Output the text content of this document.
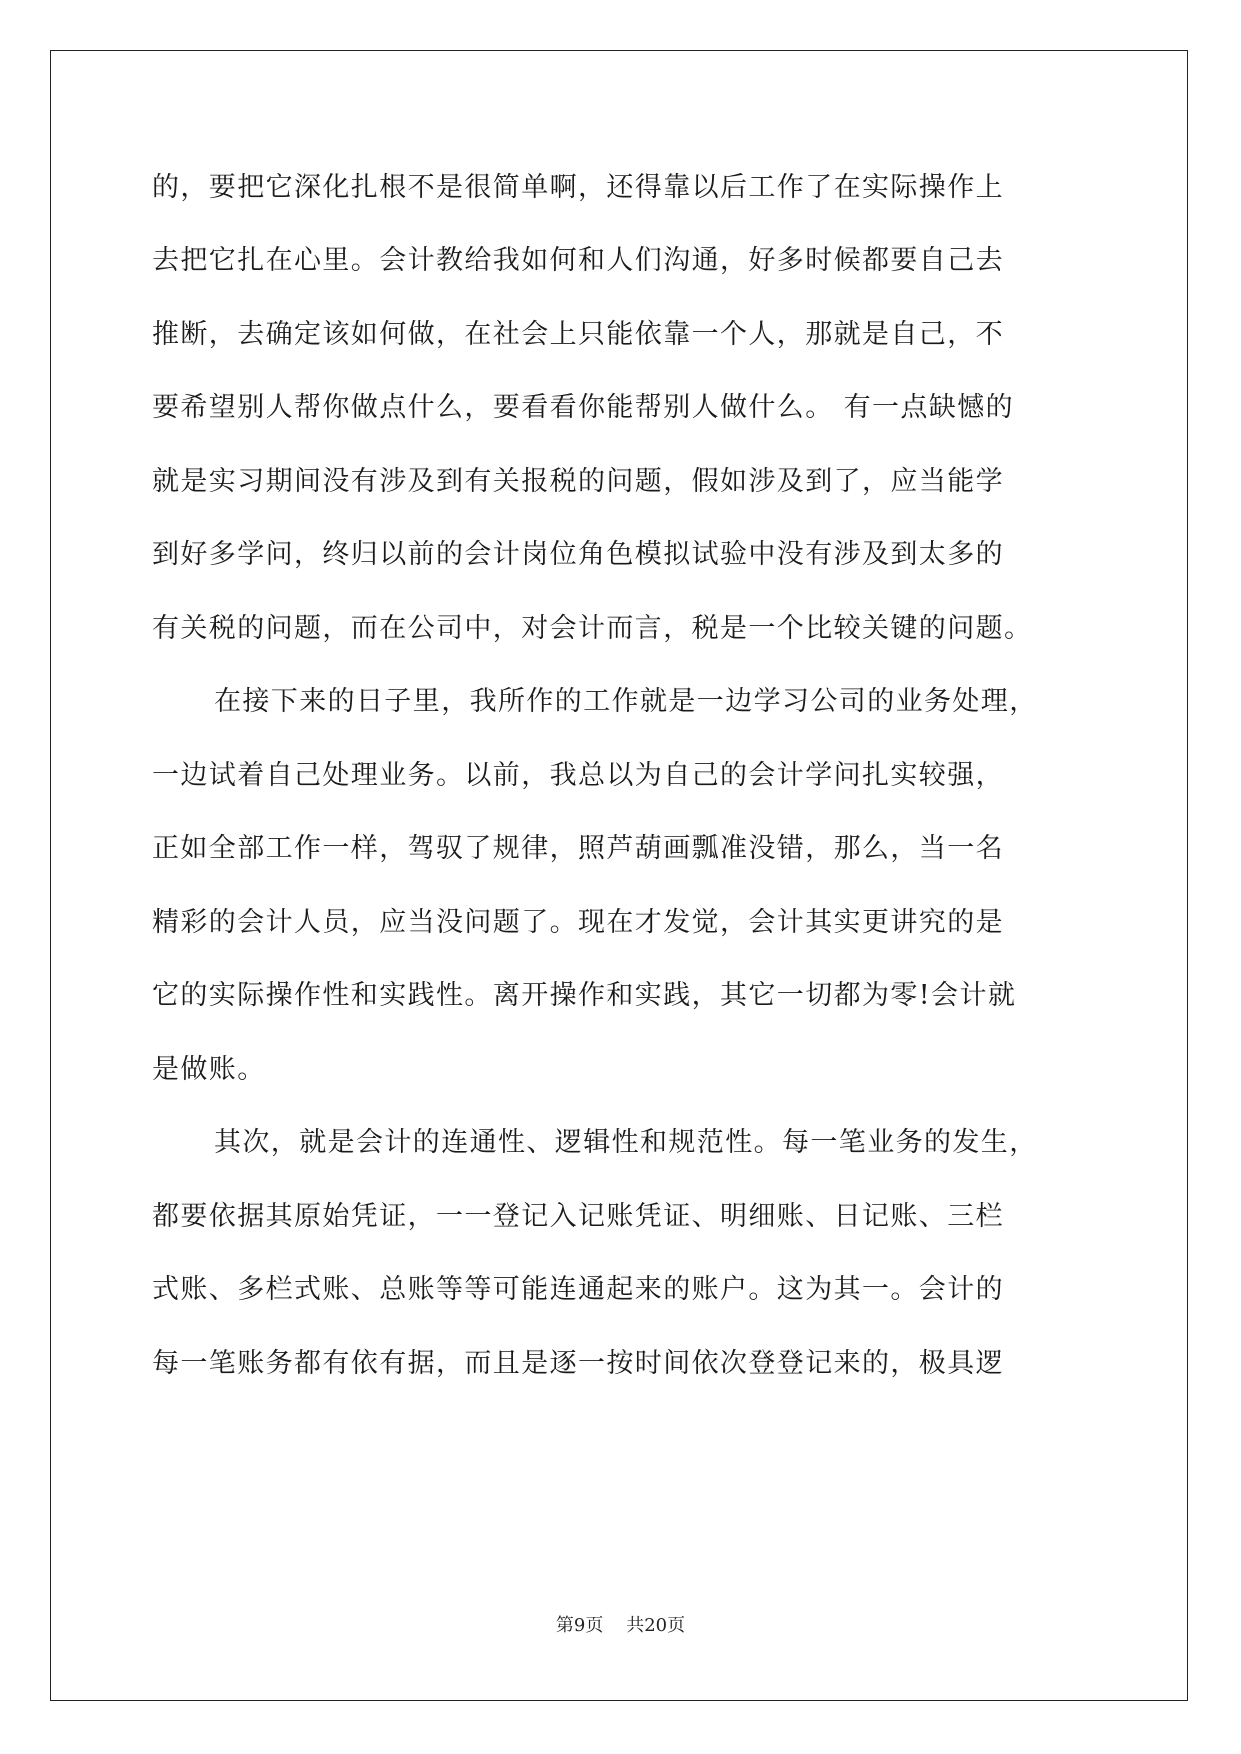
的，要把它深化扎根不是很简单啊，还得靠以后工作了在实际操作上
去把它扎在心里。会计教给我如何和人们沟通，好多时候都要自己去
推断，去确定该如何做，在社会上只能依靠一个人，那就是自己，不
要希望别人帮你做点什么，要看看你能帮别人做什么。 有一点缺憾的
就是实习期间没有涉及到有关报税的问题，假如涉及到了，应当能学
到好多学问，终归以前的会计岗位角色模拟试验中没有涉及到太多的
有关税的问题，而在公司中，对会计而言，税是一个比较关键的问题。
在接下来的日子里，我所作的工作就是一边学习公司的业务处理，
一边试着自己处理业务。以前，我总以为自己的会计学问扎实较强，
正如全部工作一样，驾驭了规律，照芦葫画瓢准没错，那么，当一名
精彩的会计人员，应当没问题了。现在才发觉，会计其实更讲究的是
它的实际操作性和实践性。离开操作和实践，其它一切都为零!会计就
是做账。
其次，就是会计的连通性、逻辑性和规范性。每一笔业务的发生，
都要依据其原始凭证，一一登记入记账凭证、明细账、日记账、三栏
式账、多栏式账、总账等等可能连通起来的账户。这为其一。会计的
每一笔账务都有依有据，而且是逐一按时间依次登登记来的，极具逻
第9页    共20页
